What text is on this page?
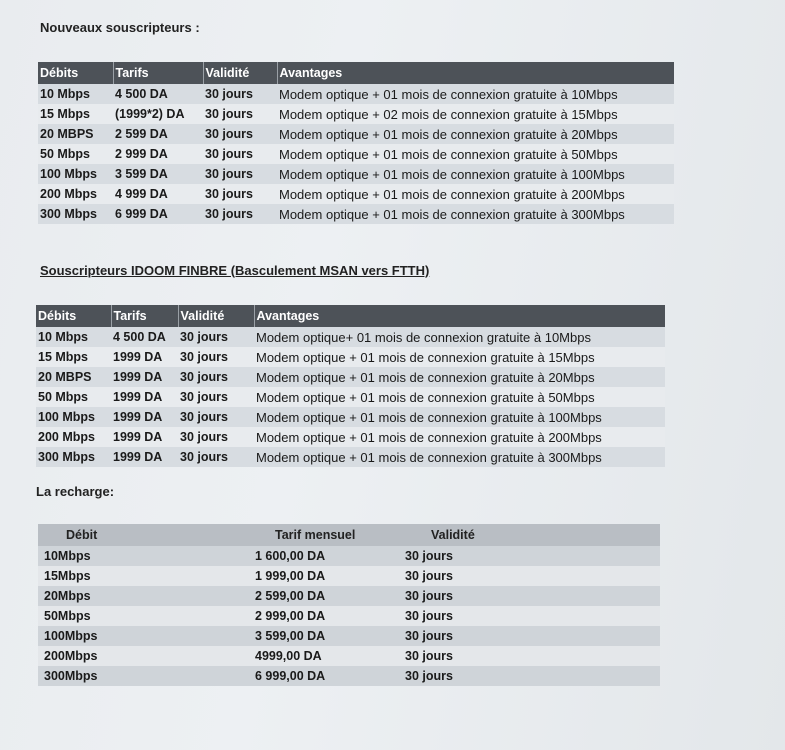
Nouveaux souscripteurs :
Débits	Tarifs	Validité	Avantages
10 Mbps	4 500 DA	30 jours	Modem optique + 01 mois de connexion gratuite à 10Mbps
15 Mbps	(1999*2) DA	30 jours	Modem optique + 02 mois de connexion gratuite à 15Mbps
20 MBPS	2 599 DA	30 jours	Modem optique + 01 mois de connexion gratuite à 20Mbps
50 Mbps	2 999 DA	30 jours	Modem optique + 01 mois de connexion gratuite à 50Mbps
100 Mbps	3 599 DA	30 jours	Modem optique + 01 mois de connexion gratuite à 100Mbps
200 Mbps	4 999 DA	30 jours	Modem optique + 01 mois de connexion gratuite à 200Mbps
300 Mbps	6 999 DA	30 jours	Modem optique + 01 mois de connexion gratuite à 300Mbps
Souscripteurs IDOOM FINBRE (Basculement MSAN vers FTTH)
Débits	Tarifs	Validité	Avantages
10 Mbps	4 500 DA	30 jours	Modem optique+ 01 mois de connexion gratuite à 10Mbps
15 Mbps	1999 DA	30 jours	Modem optique + 01 mois de connexion gratuite à 15Mbps
20 MBPS	1999 DA	30 jours	Modem optique + 01 mois de connexion gratuite à 20Mbps
50 Mbps	1999 DA	30 jours	Modem optique + 01 mois de connexion gratuite à 50Mbps
100 Mbps	1999 DA	30 jours	Modem optique + 01 mois de connexion gratuite à 100Mbps
200 Mbps	1999 DA	30 jours	Modem optique + 01 mois de connexion gratuite à 200Mbps
300 Mbps	1999 DA	30 jours	Modem optique + 01 mois de connexion gratuite à 300Mbps
La recharge:
Débit	Tarif mensuel	Validité
10Mbps	1 600,00 DA	30 jours
15Mbps	1 999,00 DA	30 jours
20Mbps	2 599,00 DA	30 jours
50Mbps	2 999,00 DA	30 jours
100Mbps	3 599,00 DA	30 jours
200Mbps	4999,00 DA	30 jours
300Mbps	6 999,00 DA	30 jours
